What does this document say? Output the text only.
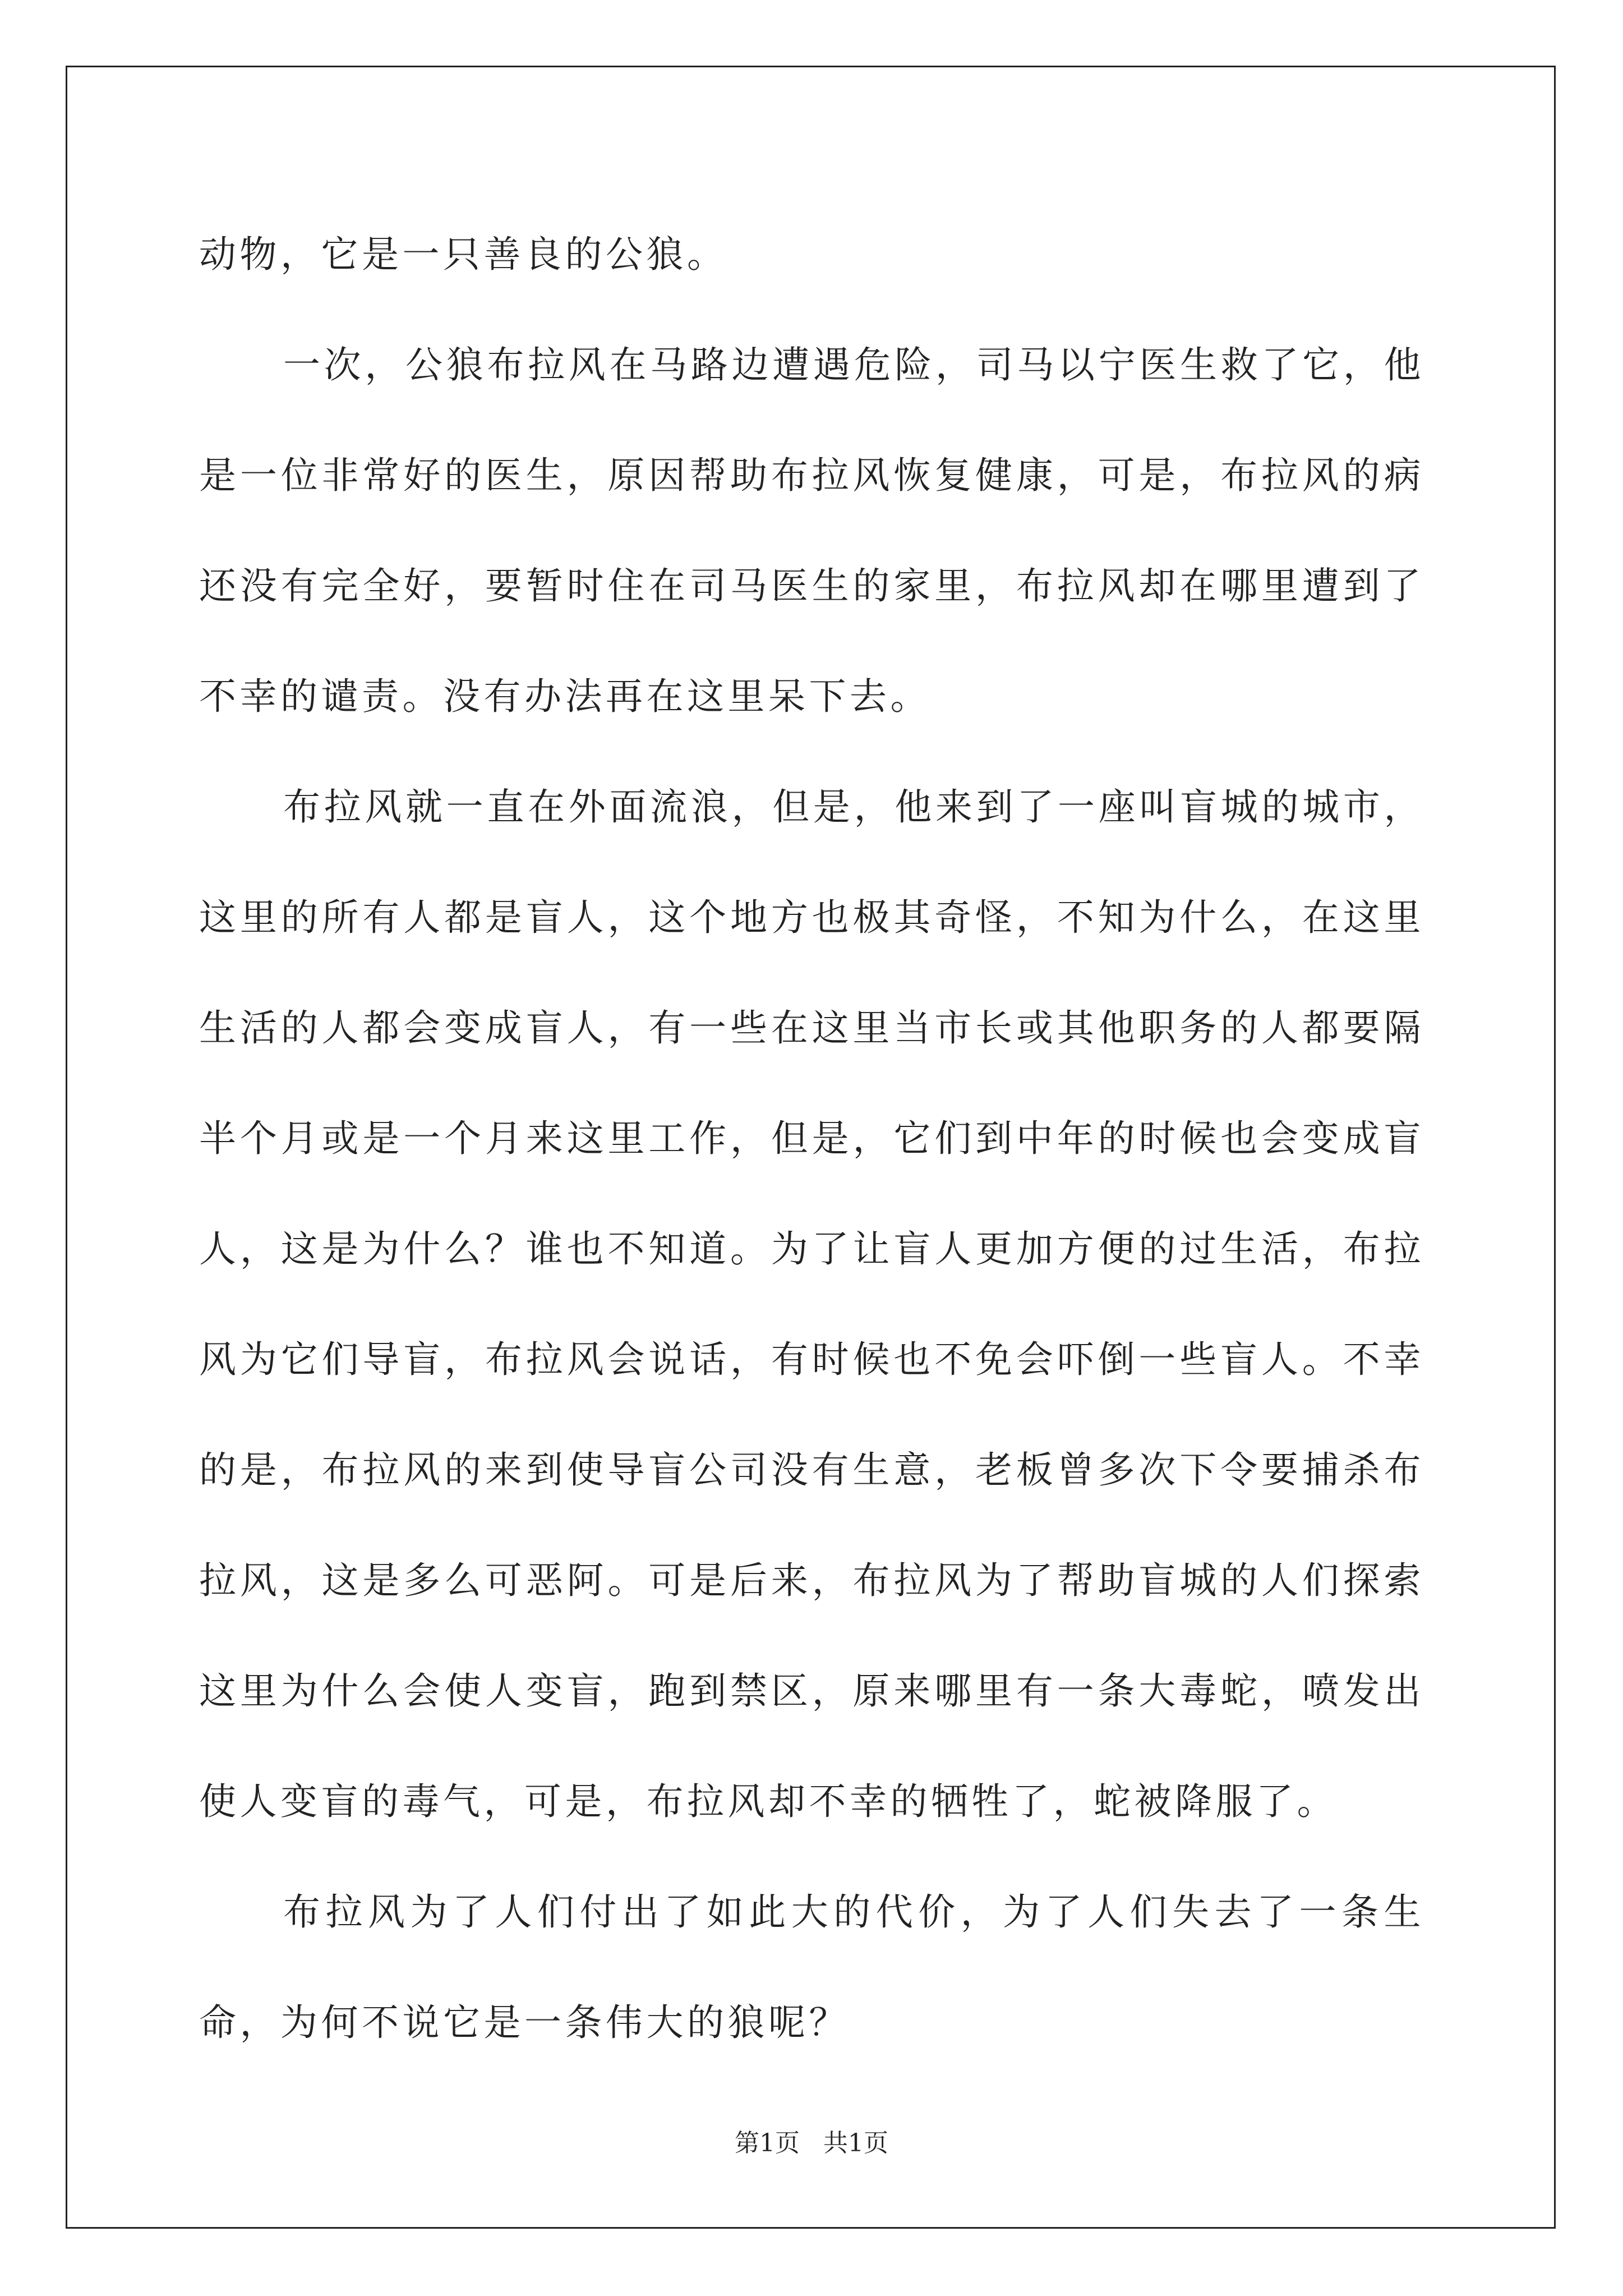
动物，它是一只善良的公狼。

一次，公狼布拉风在马路边遭遇危险，司马以宁医生救了它，他是一位非常好的医生，原因帮助布拉风恢复健康，可是，布拉风的病还没有完全好，要暂时住在司马医生的家里，布拉风却在哪里遭到了不幸的谴责。没有办法再在这里呆下去。

布拉风就一直在外面流浪，但是，他来到了一座叫盲城的城市，这里的所有人都是盲人，这个地方也极其奇怪，不知为什么，在这里生活的人都会变成盲人，有一些在这里当市长或其他职务的人都要隔半个月或是一个月来这里工作，但是，它们到中年的时候也会变成盲人，这是为什么？谁也不知道。为了让盲人更加方便的过生活，布拉风为它们导盲，布拉风会说话，有时候也不免会吓倒一些盲人。不幸的是，布拉风的来到使导盲公司没有生意，老板曾多次下令要捕杀布拉风，这是多么可恶阿。可是后来，布拉风为了帮助盲城的人们探索这里为什么会使人变盲，跑到禁区，原来哪里有一条大毒蛇，喷发出使人变盲的毒气，可是，布拉风却不幸的牺牲了，蛇被降服了。

布拉风为了人们付出了如此大的代价，为了人们失去了一条生命，为何不说它是一条伟大的狼呢？

第1页   共1页
